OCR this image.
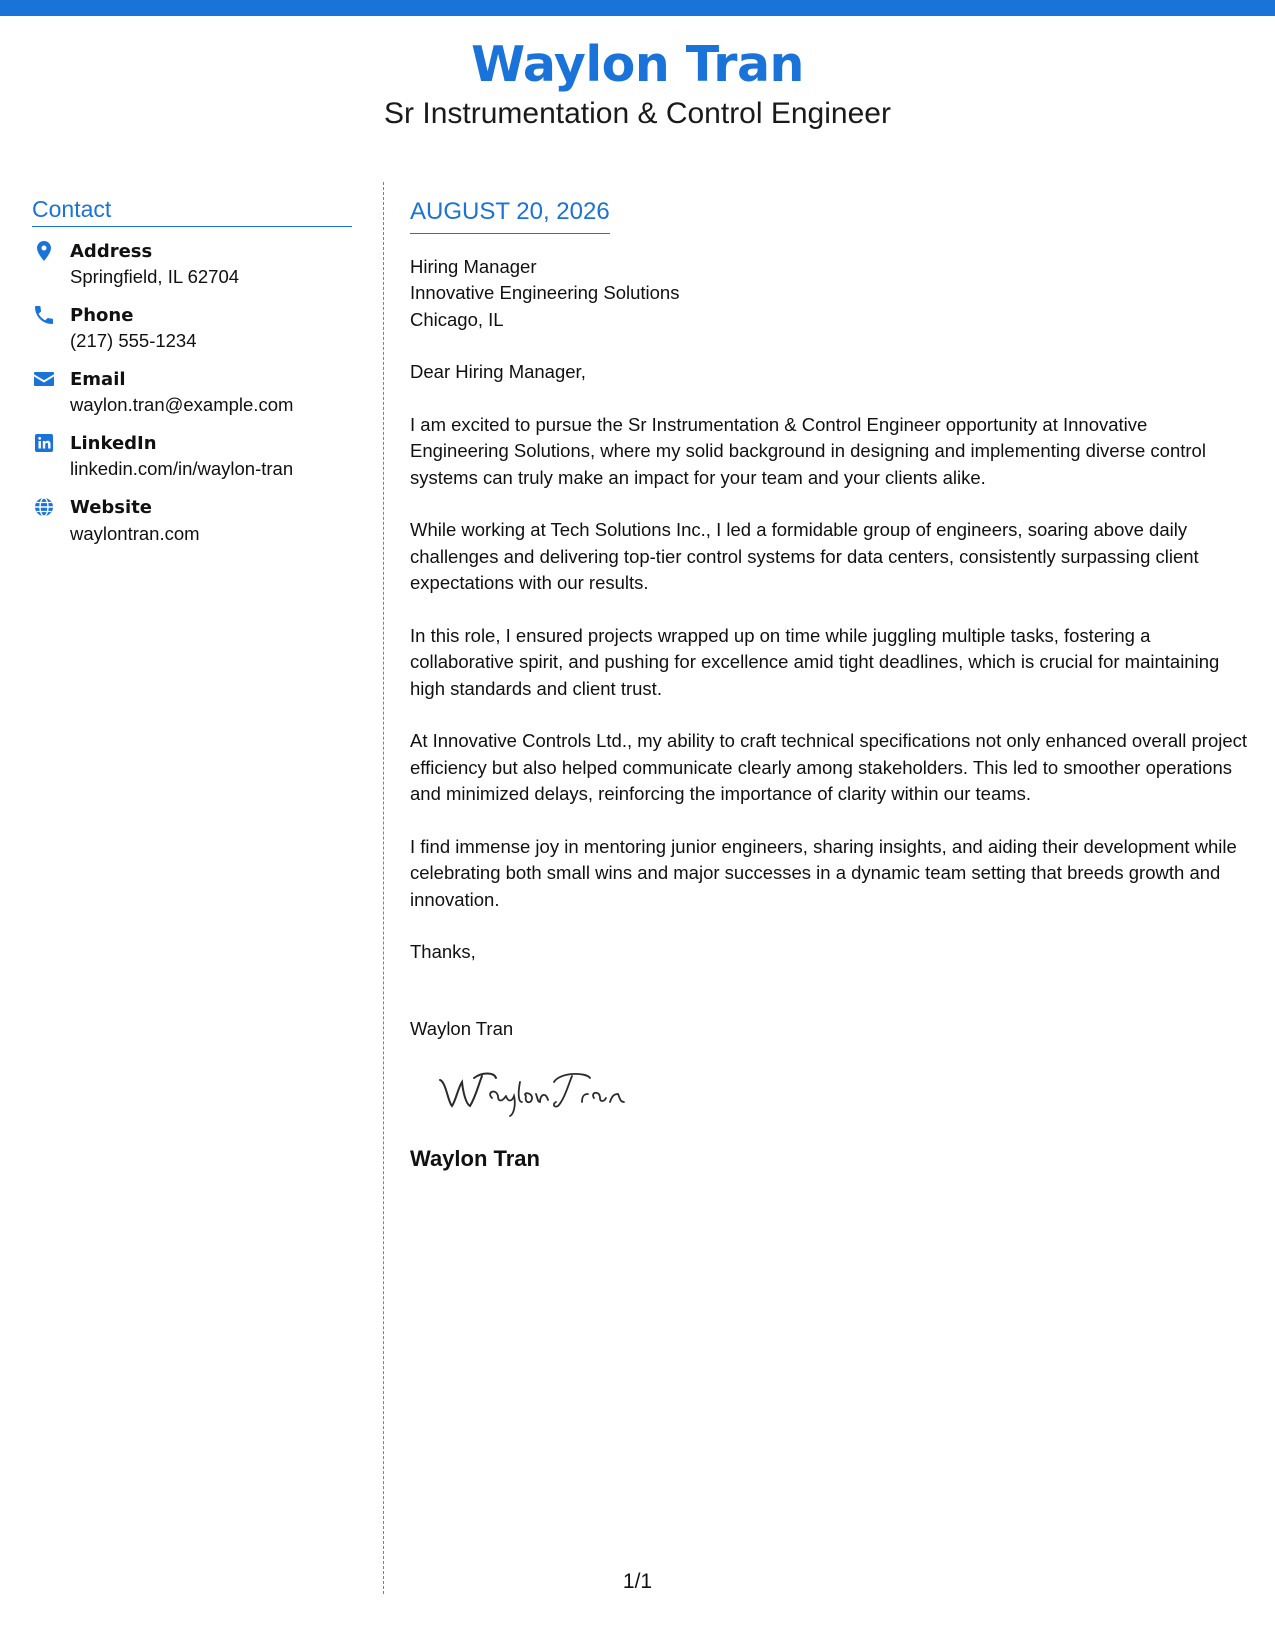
Waylon Tran
Sr Instrumentation & Control Engineer
Contact
Address
Springfield, IL 62704
Phone
(217) 555-1234
Email
waylon.tran@example.com
LinkedIn
linkedin.com/in/waylon-tran
Website
waylontran.com
AUGUST 20, 2026
Hiring Manager
Innovative Engineering Solutions
Chicago, IL

Dear Hiring Manager,

I am excited to pursue the Sr Instrumentation & Control Engineer opportunity at Innovative Engineering Solutions, where my solid background in designing and implementing diverse control systems can truly make an impact for your team and your clients alike.

While working at Tech Solutions Inc., I led a formidable group of engineers, soaring above daily challenges and delivering top-tier control systems for data centers, consistently surpassing client expectations with our results.

In this role, I ensured projects wrapped up on time while juggling multiple tasks, fostering a collaborative spirit, and pushing for excellence amid tight deadlines, which is crucial for maintaining high standards and client trust.

At Innovative Controls Ltd., my ability to craft technical specifications not only enhanced overall project efficiency but also helped communicate clearly among stakeholders. This led to smoother operations and minimized delays, reinforcing the importance of clarity within our teams.

I find immense joy in mentoring junior engineers, sharing insights, and aiding their development while celebrating both small wins and major successes in a dynamic team setting that breeds growth and innovation.

Thanks,

Waylon Tran
Waylon Tran
1/1
